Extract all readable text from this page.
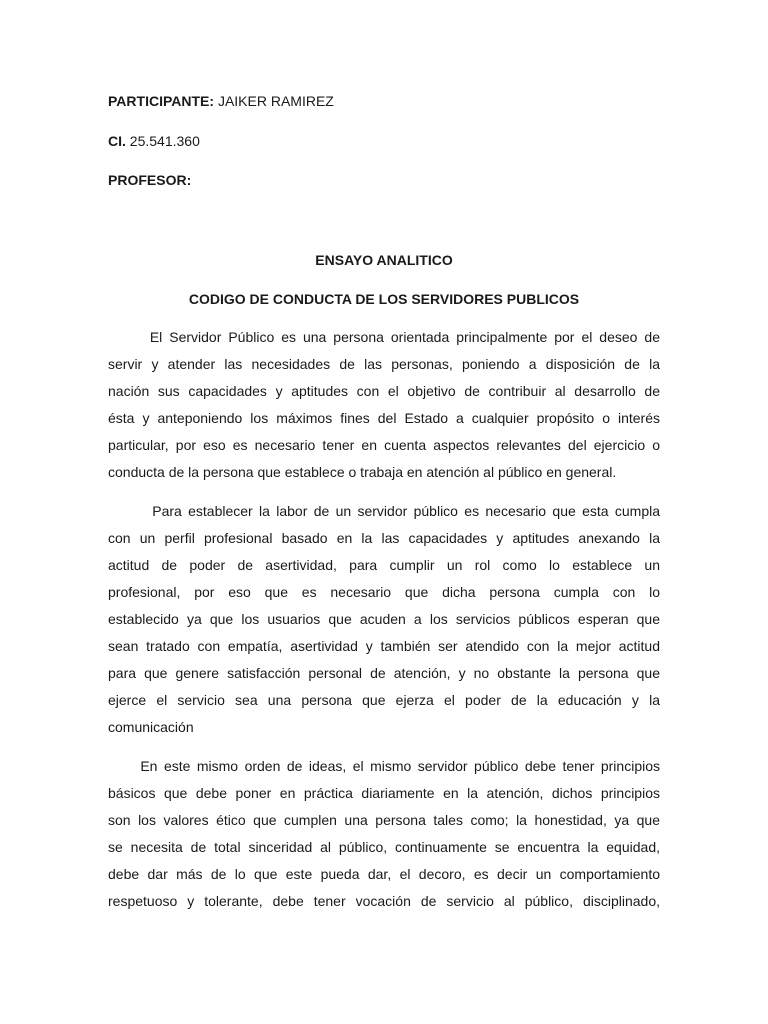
PARTICIPANTE: JAIKER RAMIREZ
CI. 25.541.360
PROFESOR:
ENSAYO ANALITICO
CODIGO DE CONDUCTA DE LOS SERVIDORES PUBLICOS
El Servidor Público es una persona orientada principalmente por el deseo de
servir y atender las necesidades de las personas, poniendo a disposición de la
nación sus capacidades y aptitudes con el objetivo de contribuir al desarrollo de
ésta y anteponiendo los máximos fines del Estado a cualquier propósito o interés
particular, por eso es necesario tener en cuenta aspectos relevantes del ejercicio o
conducta de la persona que establece o trabaja en atención al público en general.
Para establecer la labor de un servidor público es necesario que esta cumpla
con un perfil profesional basado en la las capacidades y aptitudes anexando la
actitud de poder de asertividad, para cumplir un rol como lo establece un
profesional, por eso que es necesario que dicha persona cumpla con lo
establecido ya que los usuarios que acuden a los servicios públicos esperan que
sean tratado con empatía, asertividad y también ser atendido con la mejor actitud
para que genere satisfacción personal de atención, y no obstante la persona que
ejerce el servicio sea una persona que ejerza el poder de la educación y la
comunicación
En este mismo orden de ideas, el mismo servidor público debe tener principios
básicos que debe poner en práctica diariamente en la atención, dichos principios
son los valores ético que cumplen una persona tales como; la honestidad, ya que
se necesita de total sinceridad al público, continuamente se encuentra la equidad,
debe dar más de lo que este pueda dar, el decoro, es decir un comportamiento
respetuoso y tolerante, debe tener vocación de servicio al público, disciplinado,
